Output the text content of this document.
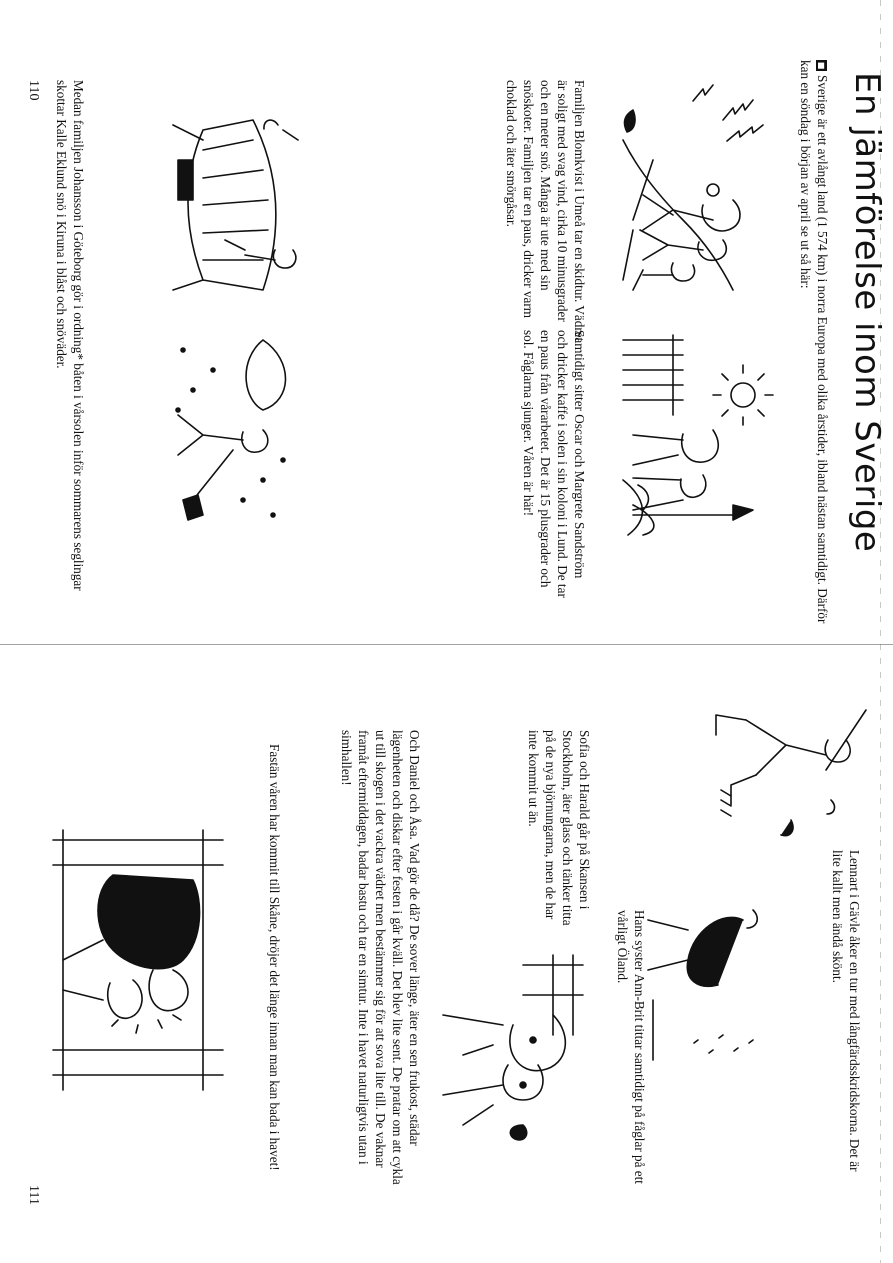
En jämförelse inom Sverige
■Sverige är ett avlångt land (1 574 km) i norra Europa med olika årstider, ibland nästan samtidigt. Därför kan en söndag i början av april se ut så här:
Familjen Blomkvist i Umeå tar en skidtur. Vädret är soligt med svag vind, cirka 10 minusgrader och en meter snö. Många är ute med sin snöskoter. Familjen tar en paus, dricker varm choklad och äter smörgåsar.
Samtidigt sitter Oscar och Margrete Sandström och dricker kaffe i solen i sin koloni i Lund. De tar en paus från vårarbetet. Det är 15 plusgrader och sol. Fåglarna sjunger. Våren är här!
Medan familjen Johansson i Göteborg gör i ordning* båten i vårsolen inför sommarens seglingar skottar Kalle Eklund snö i Kiruna i blåst och snöväder.
110
Lennart i Gävle åker en tur med långfärdsskridskorna. Det är lite kallt men ändå skönt.
Hans syster Ann-Brit tittar samtidigt på fåglar på ett vårligt Öland.
Sofia och Harald går på Skansen i Stockholm, äter glass och tänker titta på de nya björnungarna, men de har inte kommit ut än.
Och Daniel och Åsa. Vad gör de då? De sover länge, äter en sen frukost, städar lägenheten och diskar efter festen i går kväll. Det blev lite sent. De pratar om att cykla ut till skogen i det vackra vädret men bestämmer sig för att sova lite till. De vaknar framåt eftermiddagen, badar bastu och tar en simtur. Inte i havet naturligtvis utan i simhallen!
Fastän våren har kommit till Skåne, dröjer det länge innan man kan bada i havet!
111
